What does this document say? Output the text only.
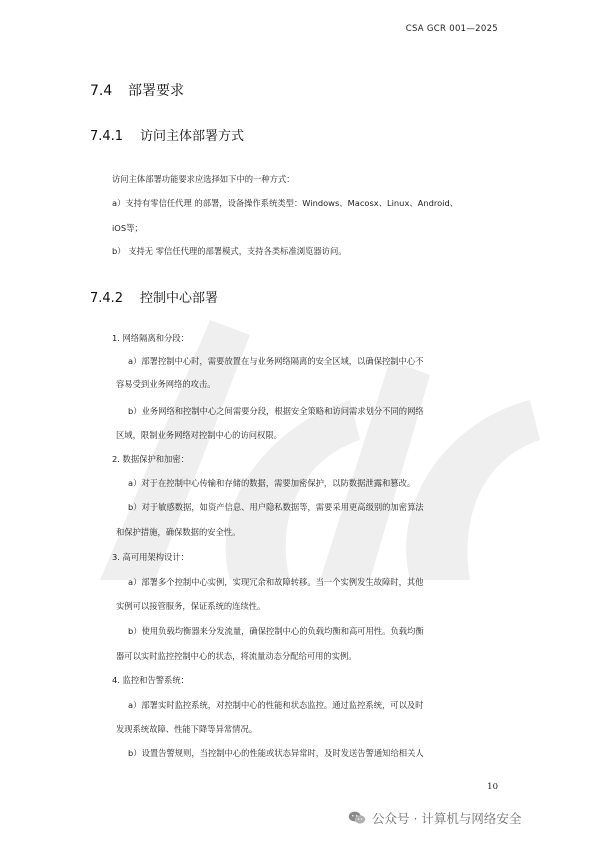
CSA GCR 001—2025
7.4 部署要求
7.4.1 访问主体部署方式
访问主体部署功能要求应选择如下中的一种方式：
a）支持有零信任代理 的部署，设备操作系统类型：Windows、Macosx、Linux、Android、
iOS等；
b） 支持无 零信任代理的部署模式，支持各类标准浏览器访问。
7.4.2 控制中心部署
1. 网络隔离和分段：
a）部署控制中心时，需要放置在与业务网络隔离的安全区域，以确保控制中心不
容易受到业务网络的攻击。
b）业务网络和控制中心之间需要分段，根据安全策略和访问需求划分不同的网络
区域，限制业务网络对控制中心的访问权限。
2. 数据保护和加密：
a）对于在控制中心传输和存储的数据，需要加密保护，以防数据泄露和篡改。
b）对于敏感数据，如资产信息、用户隐私数据等，需要采用更高级别的加密算法
和保护措施，确保数据的安全性。
3. 高可用架构设计：
a）部署多个控制中心实例，实现冗余和故障转移。当一个实例发生故障时，其他
实例可以接管服务，保证系统的连续性。
b）使用负载均衡器来分发流量，确保控制中心的负载均衡和高可用性。负载均衡
器可以实时监控控制中心的状态，将流量动态分配给可用的实例。
4. 监控和告警系统：
a）部署实时监控系统，对控制中心的性能和状态监控。通过监控系统，可以及时
发现系统故障、性能下降等异常情况。
b）设置告警规则，当控制中心的性能或状态异常时，及时发送告警通知给相关人
10
公众号 · 计算机与网络安全
